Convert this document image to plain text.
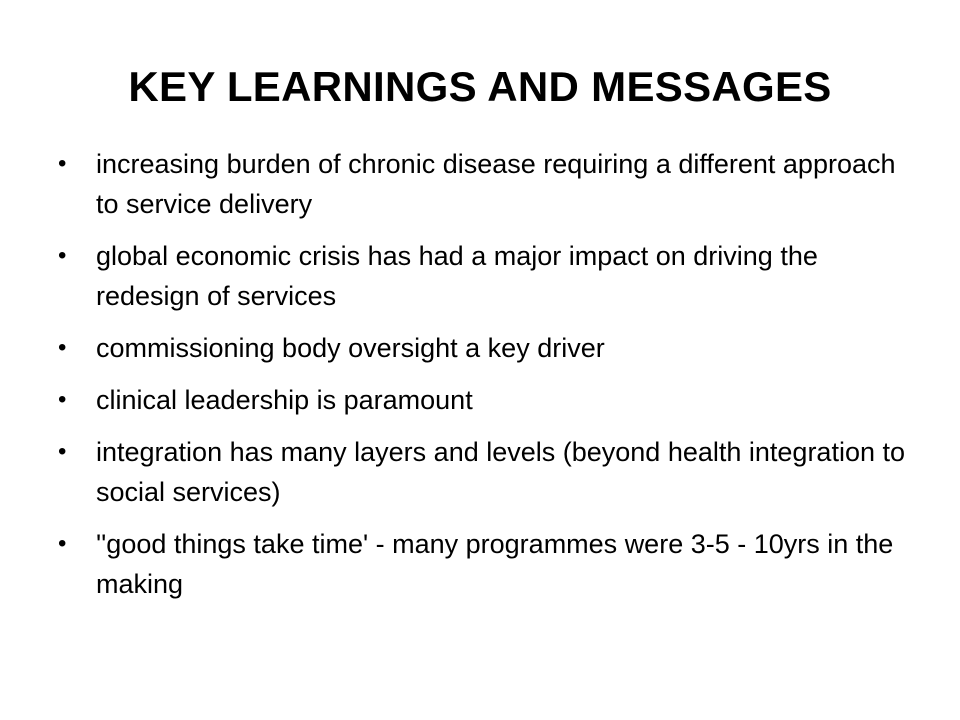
KEY LEARNINGS AND MESSAGES
•	increasing burden of chronic disease requiring a different approach to service delivery
•	global economic crisis has had a major impact on driving the redesign of services
•	commissioning body oversight a key driver
•	clinical leadership is paramount
•	integration has many layers and levels (beyond health integration to social services)
•	''good things take time' - many programmes were 3-5 - 10yrs in the making
